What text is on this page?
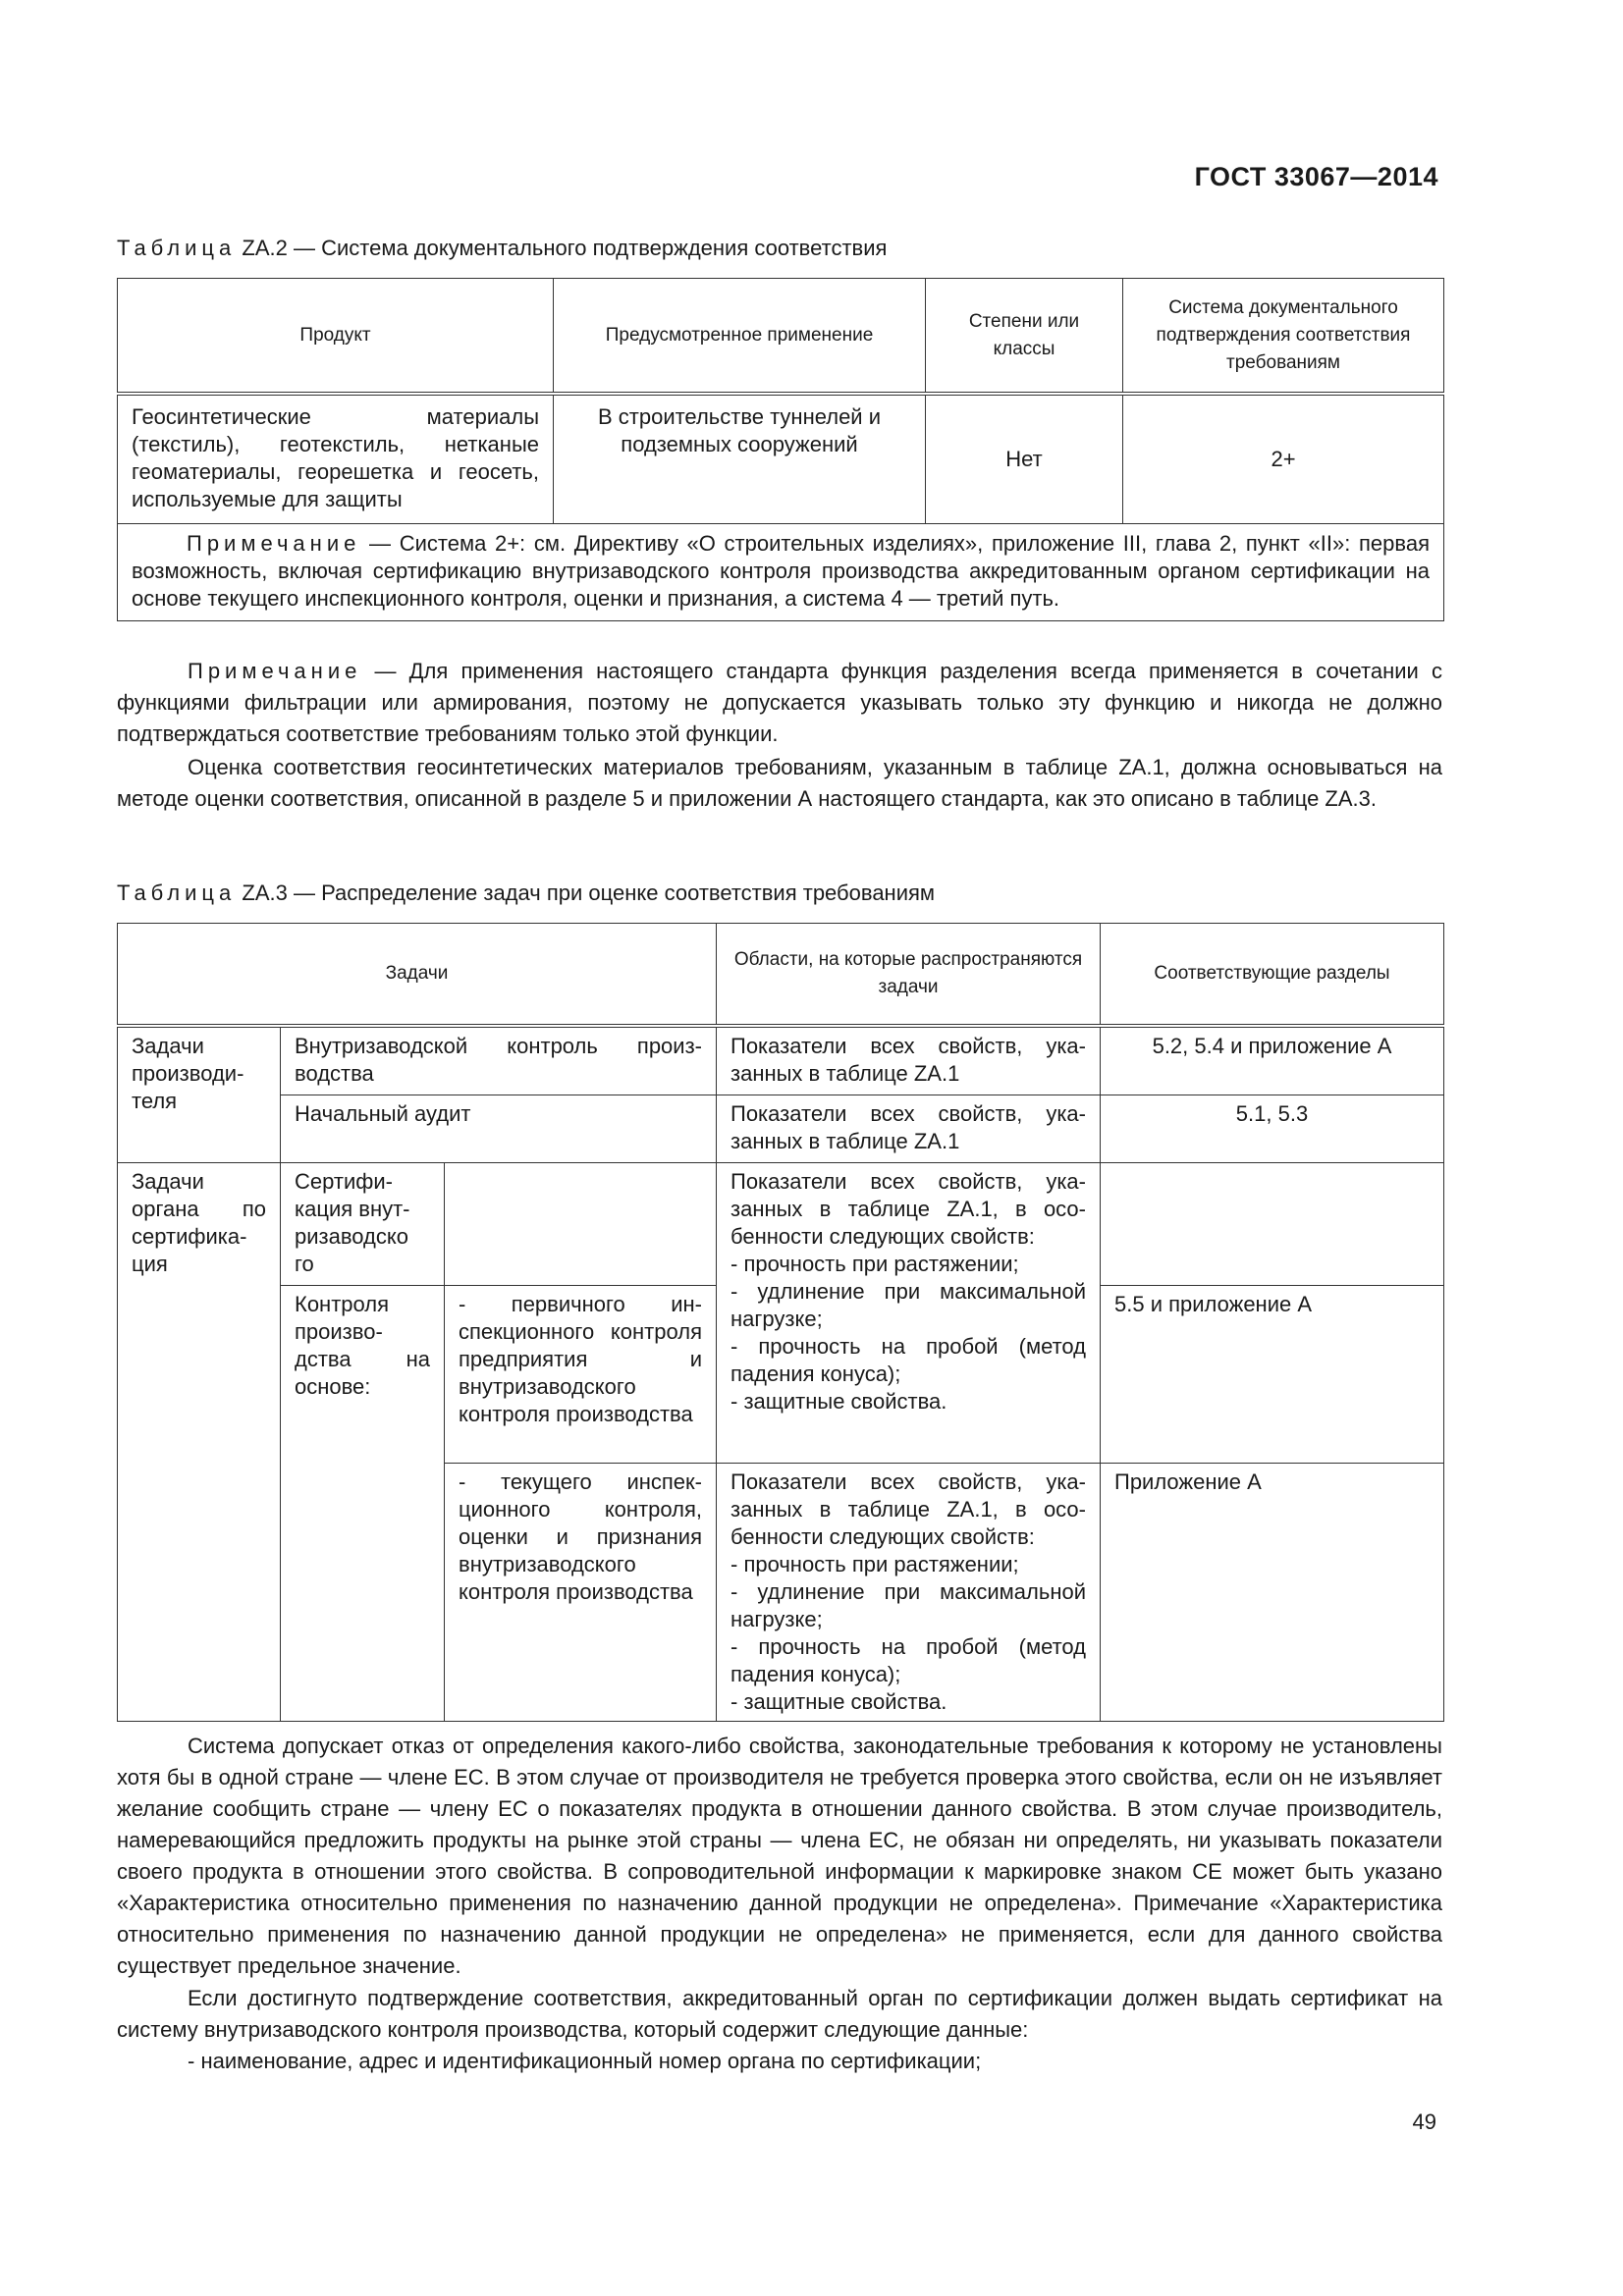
ГОСТ 33067—2014
Таблица ZA.2 — Система документального подтверждения соответствия
Продукт	Предусмотренное применение	Степени или классы	Система документального подтверждения соответствия требованиям
Геосинтетические материалы (текстиль), геотекстиль, нетканые геоматериалы, георешетка и геосеть, используемые для защиты	В строительстве туннелей и подземных сооружений	Нет	2+

Примечание — Система 2+: см. Директиву «О строительных изделиях», приложение III, глава 2, пункт «II»: первая возможность, включая сертификацию внутризаводского контроля производства аккредитованным органом сертификации на основе текущего инспекционного контроля, оценки и признания, а система 4 — третий путь.			
Примечание — Для применения настоящего стандарта функция разделения всегда применяется в сочетании с функциями фильтрации или армирования, поэтому не допускается указывать только эту функцию и никогда не должно подтверждаться соответствие требованиям только этой функции.
Оценка соответствия геосинтетических материалов требованиям, указанным в таблице ZA.1, должна основываться на методе оценки соответствия, описанной в разделе 5 и приложении А настоящего стандарта, как это описано в таблице ZA.3.
Таблица ZA.3 — Распределение задач при оценке соответствия требованиям
Задачи			Области, на которые распространяются задачи	Соответствующие разделы
Задачи производителя	Внутризаводской контроль производства		Показатели всех свойств, указанных в таблице ZA.1	5.2, 5.4 и приложение А
	Начальный аудит		Показатели всех свойств, указанных в таблице ZA.1	5.1, 5.3
Задачи органа по сертификация	Сертификация внутризаводско го		Показатели всех свойств, указанных в таблице ZA.1, в особенности следующих свойств:
- прочность при растяжении;
- удлинение при максимальной нагрузке;
- прочность на пробой (метод падения конуса);
- защитные свойства.	
	Контроля производства на основе:	- первичного инспекционного контроля предприятия и внутризаводского контроля производства		5.5 и приложение А
		- текущего инспекционного контроля, оценки и признания внутризаводского контроля производства	Показатели всех свойств, указанных в таблице ZA.1, в особенности следующих свойств:
- прочность при растяжении;
- удлинение при максимальной нагрузке;
- прочность на пробой (метод падения конуса);
- защитные свойства.	Приложение А
Система допускает отказ от определения какого-либо свойства, законодательные требования к которому не установлены хотя бы в одной стране — члене ЕС. В этом случае от производителя не требуется проверка этого свойства, если он не изъявляет желание сообщить стране — члену ЕС о показателях продукта в отношении данного свойства. В этом случае производитель, намеревающийся предложить продукты на рынке этой страны — члена ЕС, не обязан ни определять, ни указывать показатели своего продукта в отношении этого свойства. В сопроводительной информации к маркировке знаком СЕ может быть указано «Характеристика относительно применения по назначению данной продукции не определена». Примечание «Характеристика относительно применения по назначению данной продукции не определена» не применяется, если для данного свойства существует предельное значение.
Если достигнуто подтверждение соответствия, аккредитованный орган по сертификации должен выдать сертификат на систему внутризаводского контроля производства, который содержит следующие данные:
- наименование, адрес и идентификационный номер органа по сертификации;
49
